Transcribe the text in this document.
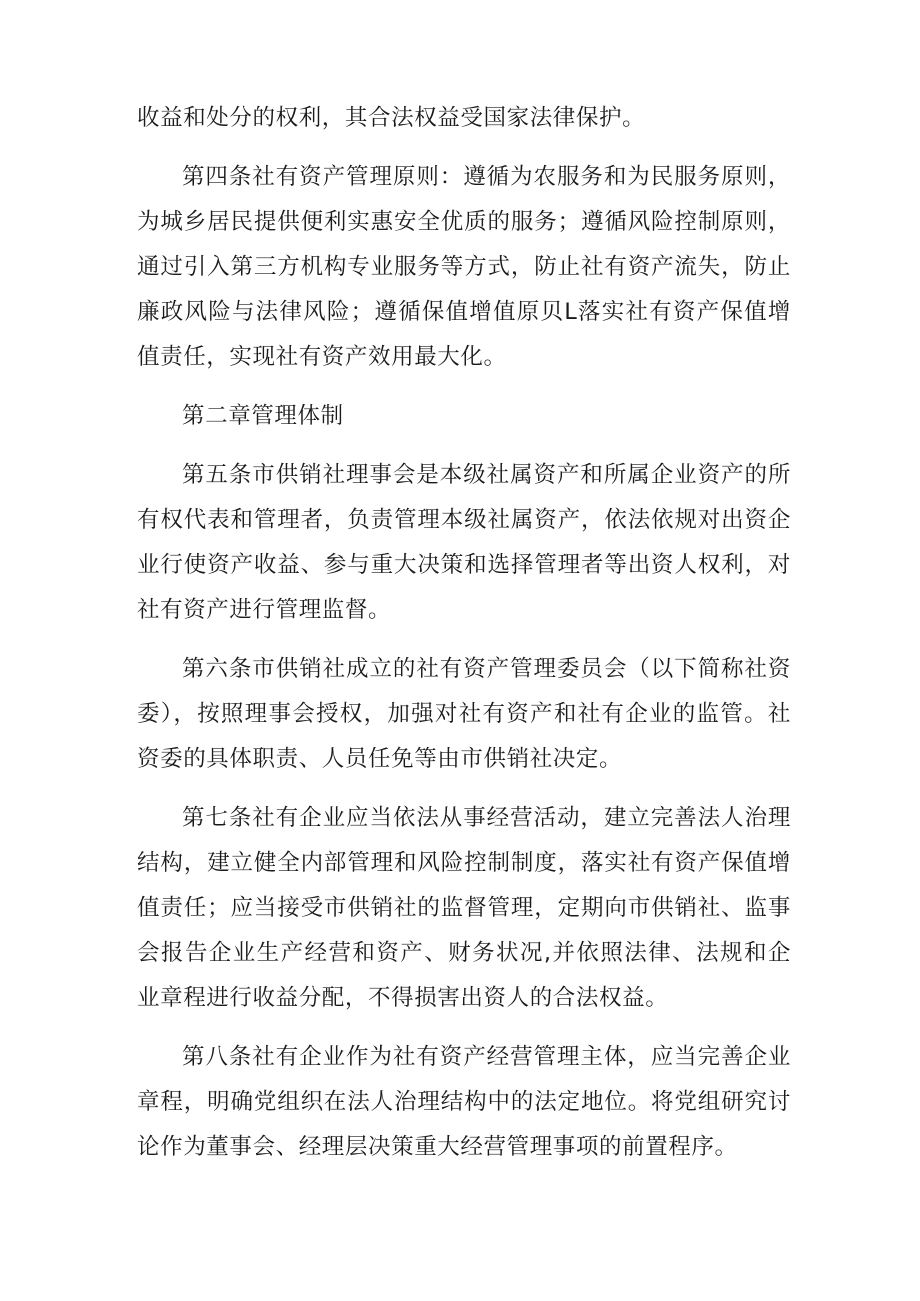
收益和处分的权利，其合法权益受国家法律保护。

第四条社有资产管理原则：遵循为农服务和为民服务原则，为城乡居民提供便利实惠安全优质的服务；遵循风险控制原则，通过引入第三方机构专业服务等方式，防止社有资产流失，防止廉政风险与法律风险；遵循保值增值原贝L落实社有资产保值增值责任，实现社有资产效用最大化。

第二章管理体制

第五条市供销社理事会是本级社属资产和所属企业资产的所有权代表和管理者，负责管理本级社属资产，依法依规对出资企业行使资产收益、参与重大决策和选择管理者等出资人权利，对社有资产进行管理监督。

第六条市供销社成立的社有资产管理委员会（以下简称社资委），按照理事会授权，加强对社有资产和社有企业的监管。社资委的具体职责、人员任免等由市供销社决定。

第七条社有企业应当依法从事经营活动，建立完善法人治理结构，建立健全内部管理和风险控制制度，落实社有资产保值增值责任；应当接受市供销社的监督管理，定期向市供销社、监事会报告企业生产经营和资产、财务状况,并依照法律、法规和企业章程进行收益分配，不得损害出资人的合法权益。

第八条社有企业作为社有资产经营管理主体，应当完善企业章程，明确党组织在法人治理结构中的法定地位。将党组研究讨论作为董事会、经理层决策重大经营管理事项的前置程序。
